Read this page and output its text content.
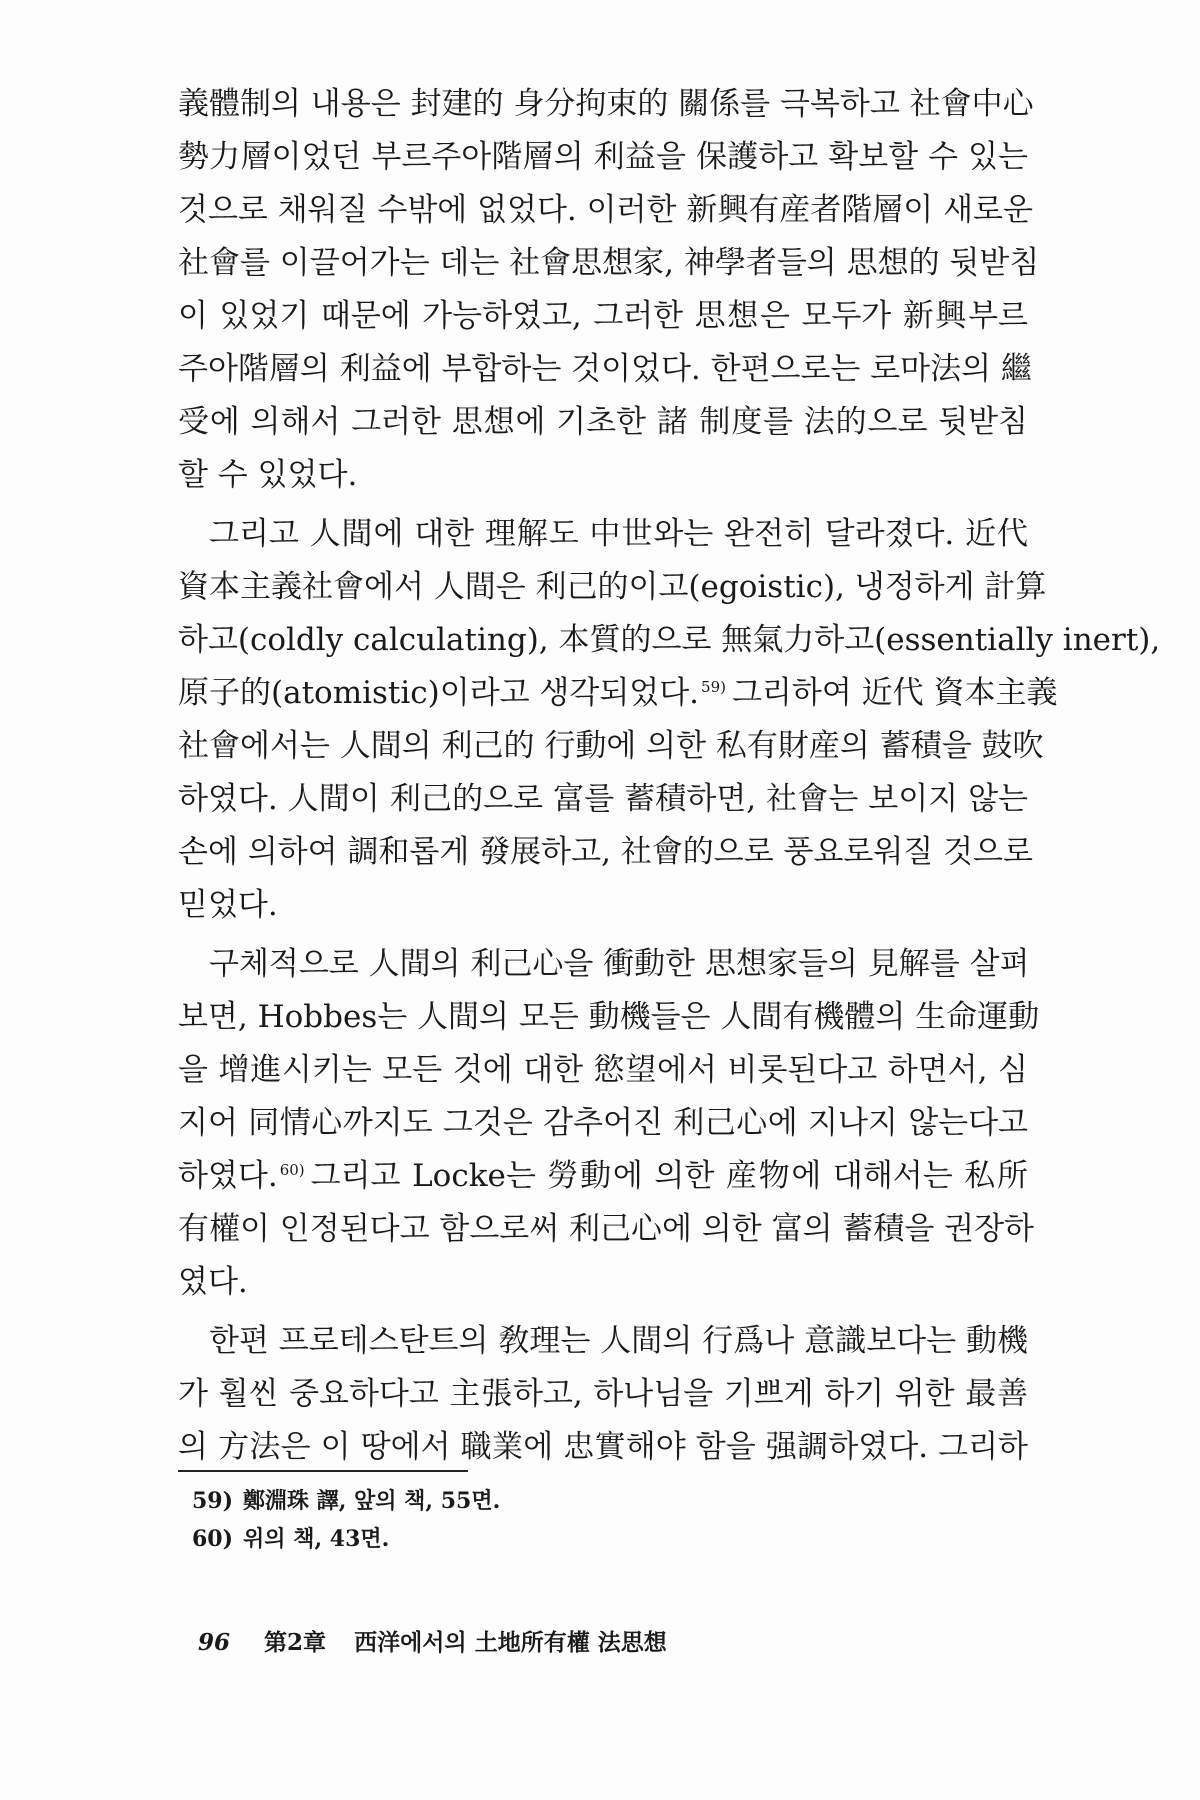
義體制의 내용은 封建的 身分拘束的 關係를 극복하고 社會中心
勢力層이었던 부르주아階層의 利益을 保護하고 확보할 수 있는
것으로 채워질 수밖에 없었다. 이러한 新興有産者階層이 새로운
社會를 이끌어가는 데는 社會思想家, 神學者들의 思想的 뒷받침
이 있었기 때문에 가능하였고, 그러한 思想은 모두가 新興부르
주아階層의 利益에 부합하는 것이었다. 한편으로는 로마法의 繼
受에 의해서 그러한 思想에 기초한 諸 制度를 法的으로 뒷받침
할 수 있었다.
그리고 人間에 대한 理解도 中世와는 완전히 달라졌다. 近代
資本主義社會에서 人間은 利己的이고(egoistic), 냉정하게 計算
하고(coldly calculating), 本質的으로 無氣力하고(essentially inert),
原子的(atomistic)이라고 생각되었다. $^{59)}$ 그리하여 近代 資本主義
社會에서는 人間의 利己的 行動에 의한 私有財産의 蓄積을 鼓吹
하였다. 人間이 利己的으로 富를 蓄積하면, 社會는 보이지 않는
손에 의하여 調和롭게 發展하고, 社會的으로 풍요로워질 것으로
믿었다.
구체적으로 人間의 利己心을 衝動한 思想家들의 見解를 살펴
보면, Hobbes는 人間의 모든 動機들은 人間有機體의 生命運動
을 增進시키는 모든 것에 대한 慾望에서 비롯된다고 하면서, 심
지어 同情心까지도 그것은 감추어진 利己心에 지나지 않는다고
하였다. $^{60)}$ 그리고 Locke는 勞動에 의한 産物에 대해서는 私所
有權이 인정된다고 함으로써 利己心에 의한 富의 蓄積을 권장하
였다.
한편 프로테스탄트의 敎理는 人間의 行爲나 意識보다는 動機
가 훨씬 중요하다고 主張하고, 하나님을 기쁘게 하기 위한 最善
의 方法은 이 땅에서 職業에 忠實해야 함을 强調하였다. 그리하
59) 鄭淵珠 譯, 앞의 책, 55면.
60) 위의 책, 43면.
96 第2章 西洋에서의 土地所有權 法思想
